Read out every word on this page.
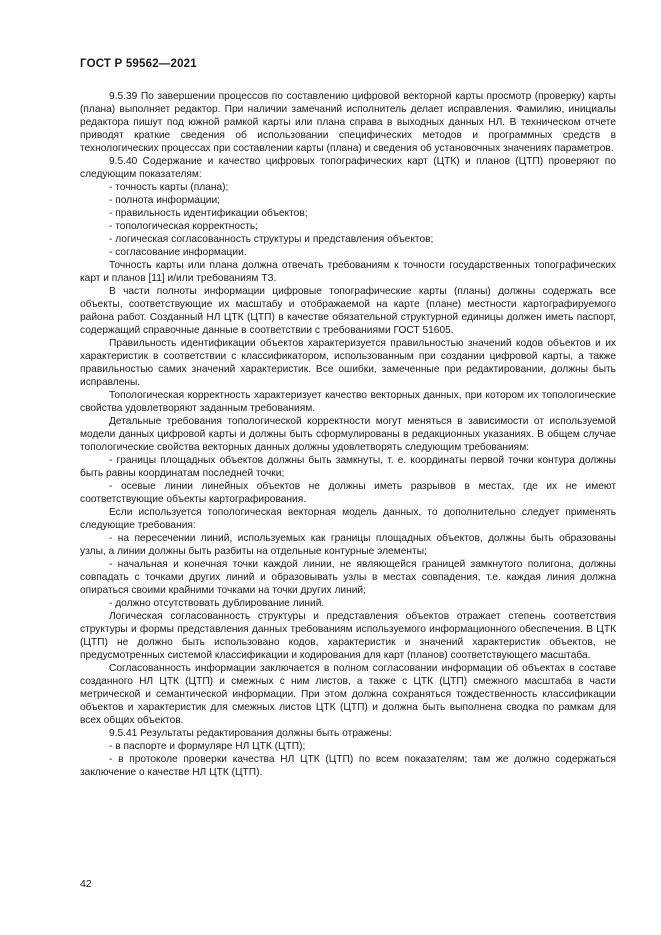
ГОСТ Р 59562—2021

9.5.39 По завершении процессов по составлению цифровой векторной карты просмотр (проверку) карты (плана) выполняет редактор. При наличии замечаний исполнитель делает исправления. Фамилию, инициалы редактора пишут под южной рамкой карты или плана справа в выходных данных НЛ. В техническом отчете приводят краткие сведения об использовании специфических методов и программных средств в технологических процессах при составлении карты (плана) и сведения об установочных значениях параметров.

9.5.40 Содержание и качество цифровых топографических карт (ЦТК) и планов (ЦТП) проверяют по следующим показателям:

- точность карты (плана);

- полнота информации;

- правильность идентификации объектов;

- топологическая корректность;

- логическая согласованность структуры и представления объектов;

- согласование информации.

Точность карты или плана должна отвечать требованиям к точности государственных топографических карт и планов [11] и/или требованиям ТЗ.

В части полноты информации цифровые топографические карты (планы) должны содержать все объекты, соответствующие их масштабу и отображаемой на карте (плане) местности картографируемого района работ. Созданный НЛ ЦТК (ЦТП) в качестве обязательной структурной единицы должен иметь паспорт, содержащий справочные данные в соответствии с требованиями ГОСТ 51605.

Правильность идентификации объектов характеризуется правильностью значений кодов объектов и их характеристик в соответствии с классификатором, использованным при создании цифровой карты, а также правильностью самих значений характеристик. Все ошибки, замеченные при редактировании, должны быть исправлены.

Топологическая корректность характеризует качество векторных данных, при котором их топологические свойства удовлетворяют заданным требованиям.

Детальные требования топологической корректности могут меняться в зависимости от используемой модели данных цифровой карты и должны быть сформулированы в редакционных указаниях. В общем случае топологические свойства векторных данных должны удовлетворять следующим требованиям:

- границы площадных объектов должны быть замкнуты, т. е. координаты первой точки контура должны быть равны координатам последней точки;

- осевые линии линейных объектов не должны иметь разрывов в местах, где их не имеют соответствующие объекты картографирования.

Если используется топологическая векторная модель данных, то дополнительно следует применять следующие требования:

- на пересечении линий, используемых как границы площадных объектов, должны быть образованы узлы, а линии должны быть разбиты на отдельные контурные элементы;

- начальная и конечная точки каждой линии, не являющейся границей замкнутого полигона, должны совпадать с точками других линий и образовывать узлы в местах совпадения, т.е. каждая линия должна опираться своими крайними точками на точки других линий;

- должно отсутствовать дублирование линий.

Логическая согласованность структуры и представления объектов отражает степень соответствия структуры и формы представления данных требованиям используемого информационного обеспечения. В ЦТК (ЦТП) не должно быть использовано кодов, характеристик и значений характеристик объектов, не предусмотренных системой классификации и кодирования для карт (планов) соответствующего масштаба.

Согласованность информации заключается в полном согласовании информации об объектах в составе созданного НЛ ЦТК (ЦТП) и смежных с ним листов, а также с ЦТК (ЦТП) смежного масштаба в части метрической и семантической информации. При этом должна сохраняться тождественность классификации объектов и характеристик для смежных листов ЦТК (ЦТП) и должна быть выполнена сводка по рамкам для всех общих объектов.

9.5.41 Результаты редактирования должны быть отражены:

- в паспорте и формуляре НЛ ЦТК (ЦТП);

- в протоколе проверки качества НЛ ЦТК (ЦТП) по всем показателям; там же должно содержаться заключение о качестве НЛ ЦТК (ЦТП).

42
